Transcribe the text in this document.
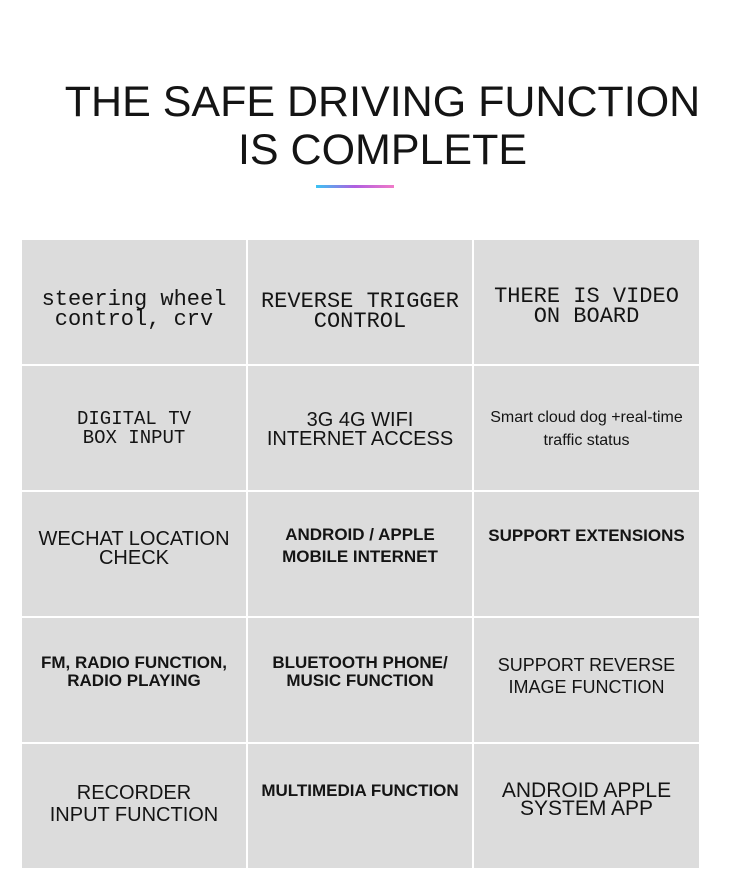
THE SAFE DRIVING FUNCTION
IS COMPLETE
steering wheel
control, crv
REVERSE TRIGGER
CONTROL
THERE IS VIDEO
ON BOARD
DIGITAL TV
BOX INPUT
3G 4G WIFI
INTERNET ACCESS
Smart cloud dog +real-time
traffic status
WECHAT LOCATION
CHECK
ANDROID / APPLE
MOBILE INTERNET
SUPPORT EXTENSIONS
FM, RADIO FUNCTION,
RADIO PLAYING
BLUETOOTH PHONE/
MUSIC FUNCTION
SUPPORT REVERSE
IMAGE FUNCTION
RECORDER
INPUT FUNCTION
MULTIMEDIA FUNCTION ANDROID APPLE
SYSTEM APP
